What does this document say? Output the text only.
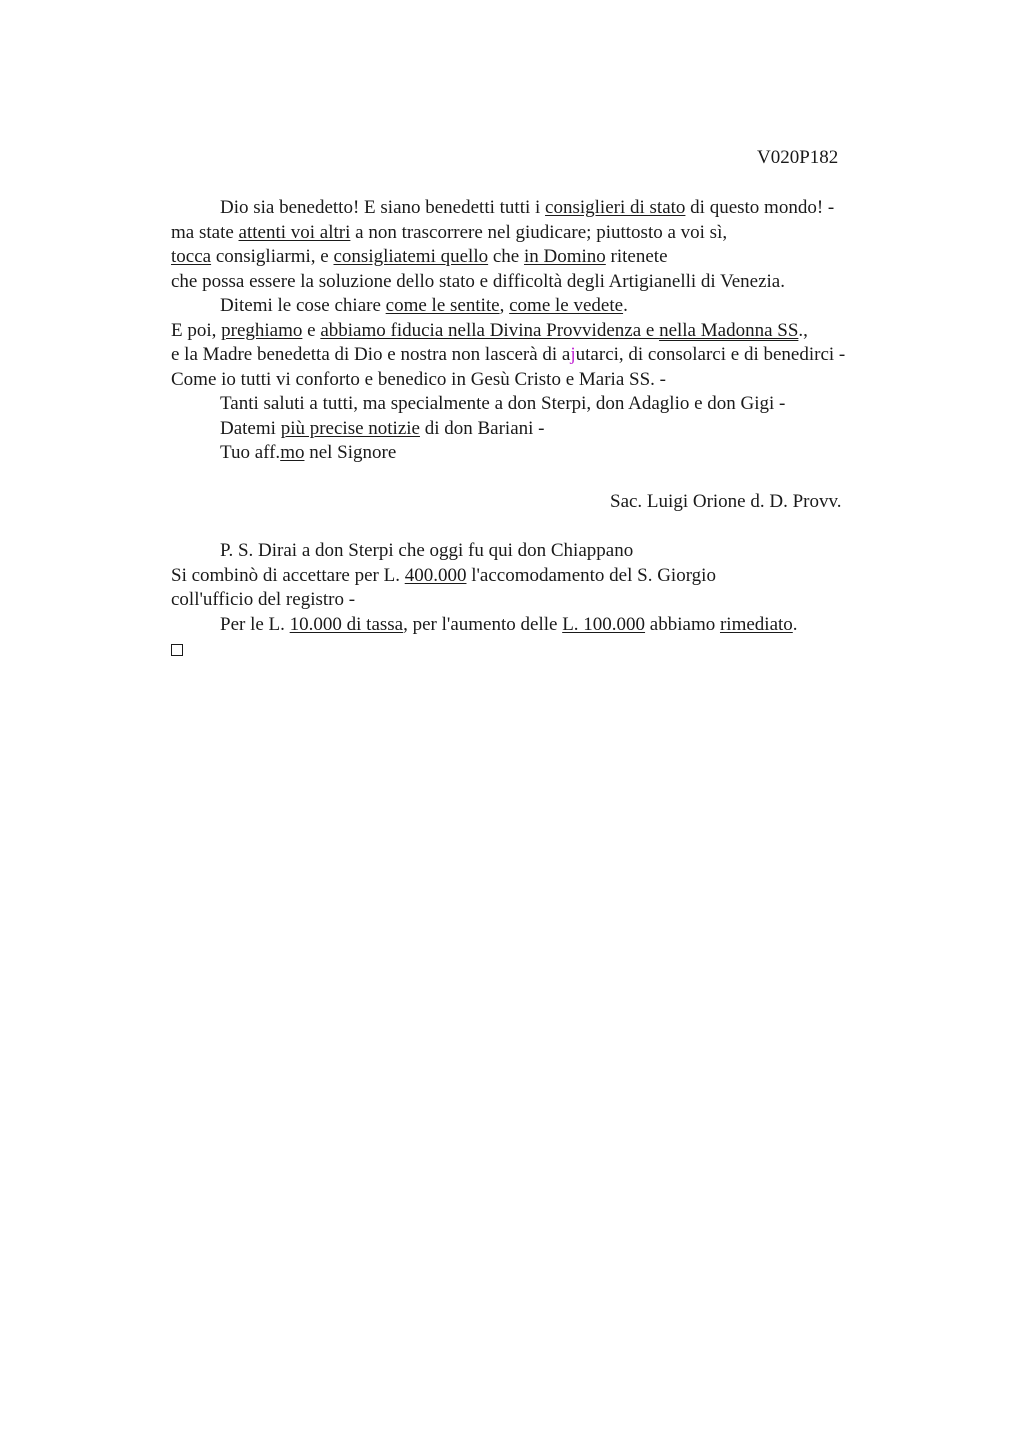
V020P182
Dio sia benedetto! E siano benedetti tutti i consiglieri di stato di questo mondo! -
ma state attenti voi altri a non trascorrere nel giudicare; piuttosto a voi sì,
tocca consigliarmi, e consigliatemi quello che in Domino ritenete
che possa essere la soluzione dello stato e difficoltà degli Artigianelli di Venezia.
Ditemi le cose chiare come le sentite, come le vedete.
E poi, preghiamo e abbiamo fiducia nella Divina Provvidenza e nella Madonna SS.,
e la Madre benedetta di Dio e nostra non lascerà di ajutarci, di consolarci e di benedirci -
Come io tutti vi conforto e benedico in Gesù Cristo e Maria SS. -
Tanti saluti a tutti, ma specialmente a don Sterpi, don Adaglio e don Gigi -
Datemi più precise notizie di don Bariani -
Tuo aff.mo nel Signore
Sac. Luigi Orione d. D. Provv.
P. S. Dirai a don Sterpi che oggi fu qui don Chiappano
Si combinò di accettare per L. 400.000 l'accomodamento del S. Giorgio
coll'ufficio del registro -
Per le L. 10.000 di tassa, per l'aumento delle L. 100.000 abbiamo rimediato.
